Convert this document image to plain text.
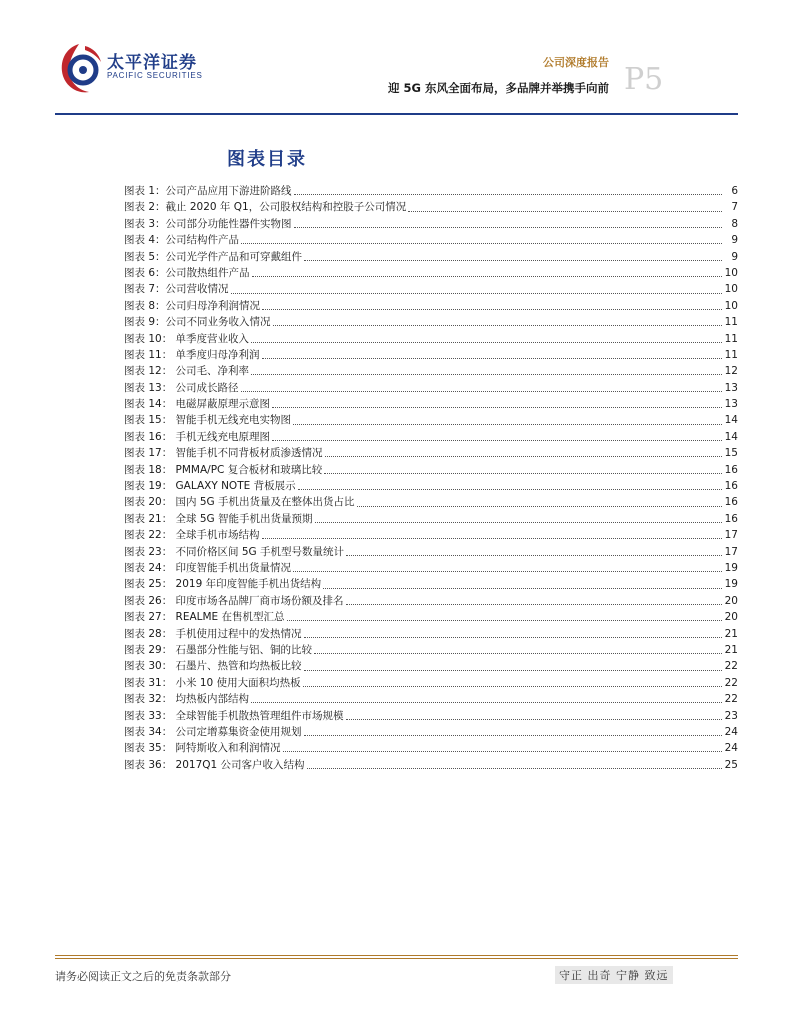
太平洋证券
PACIFIC SECURITIES
公司深度报告
迎 5G 东风全面布局，多品牌并举携手向前 P5
图表目录
图表 1：公司产品应用下游进阶路线	6
图表 2：截止 2020 年 Q1，公司股权结构和控股子公司情况	7
图表 3：公司部分功能性器件实物图	8
图表 4：公司结构件产品	9
图表 5：公司光学件产品和可穿戴组件	9
图表 6：公司散热组件产品	10
图表 7：公司营收情况	10
图表 8：公司归母净利润情况	10
图表 9：公司不同业务收入情况	11
图表 10： 单季度营业收入	11
图表 11： 单季度归母净利润	11
图表 12： 公司毛、净利率	12
图表 13： 公司成长路径	13
图表 14： 电磁屏蔽原理示意图	13
图表 15： 智能手机无线充电实物图	14
图表 16： 手机无线充电原理图	14
图表 17： 智能手机不同背板材质渗透情况	15
图表 18： PMMA/PC 复合板材和玻璃比较	16
图表 19： GALAXY NOTE 背板展示	16
图表 20： 国内 5G 手机出货量及在整体出货占比	16
图表 21： 全球 5G 智能手机出货量预期	16
图表 22： 全球手机市场结构	17
图表 23： 不同价格区间 5G 手机型号数量统计	17
图表 24： 印度智能手机出货量情况	19
图表 25： 2019 年印度智能手机出货结构	19
图表 26： 印度市场各品牌厂商市场份额及排名	20
图表 27： REALME 在售机型汇总	20
图表 28： 手机使用过程中的发热情况	21
图表 29： 石墨部分性能与铝、铜的比较	21
图表 30： 石墨片、热管和均热板比较	22
图表 31： 小米 10 使用大面积均热板	22
图表 32： 均热板内部结构	22
图表 33： 全球智能手机散热管理组件市场规模	23
图表 34： 公司定增募集资金使用规划	24
图表 35： 阿特斯收入和利润情况	24
图表 36： 2017Q1 公司客户收入结构	25
请务必阅读正文之后的免责条款部分	守正 出奇 宁静 致远
